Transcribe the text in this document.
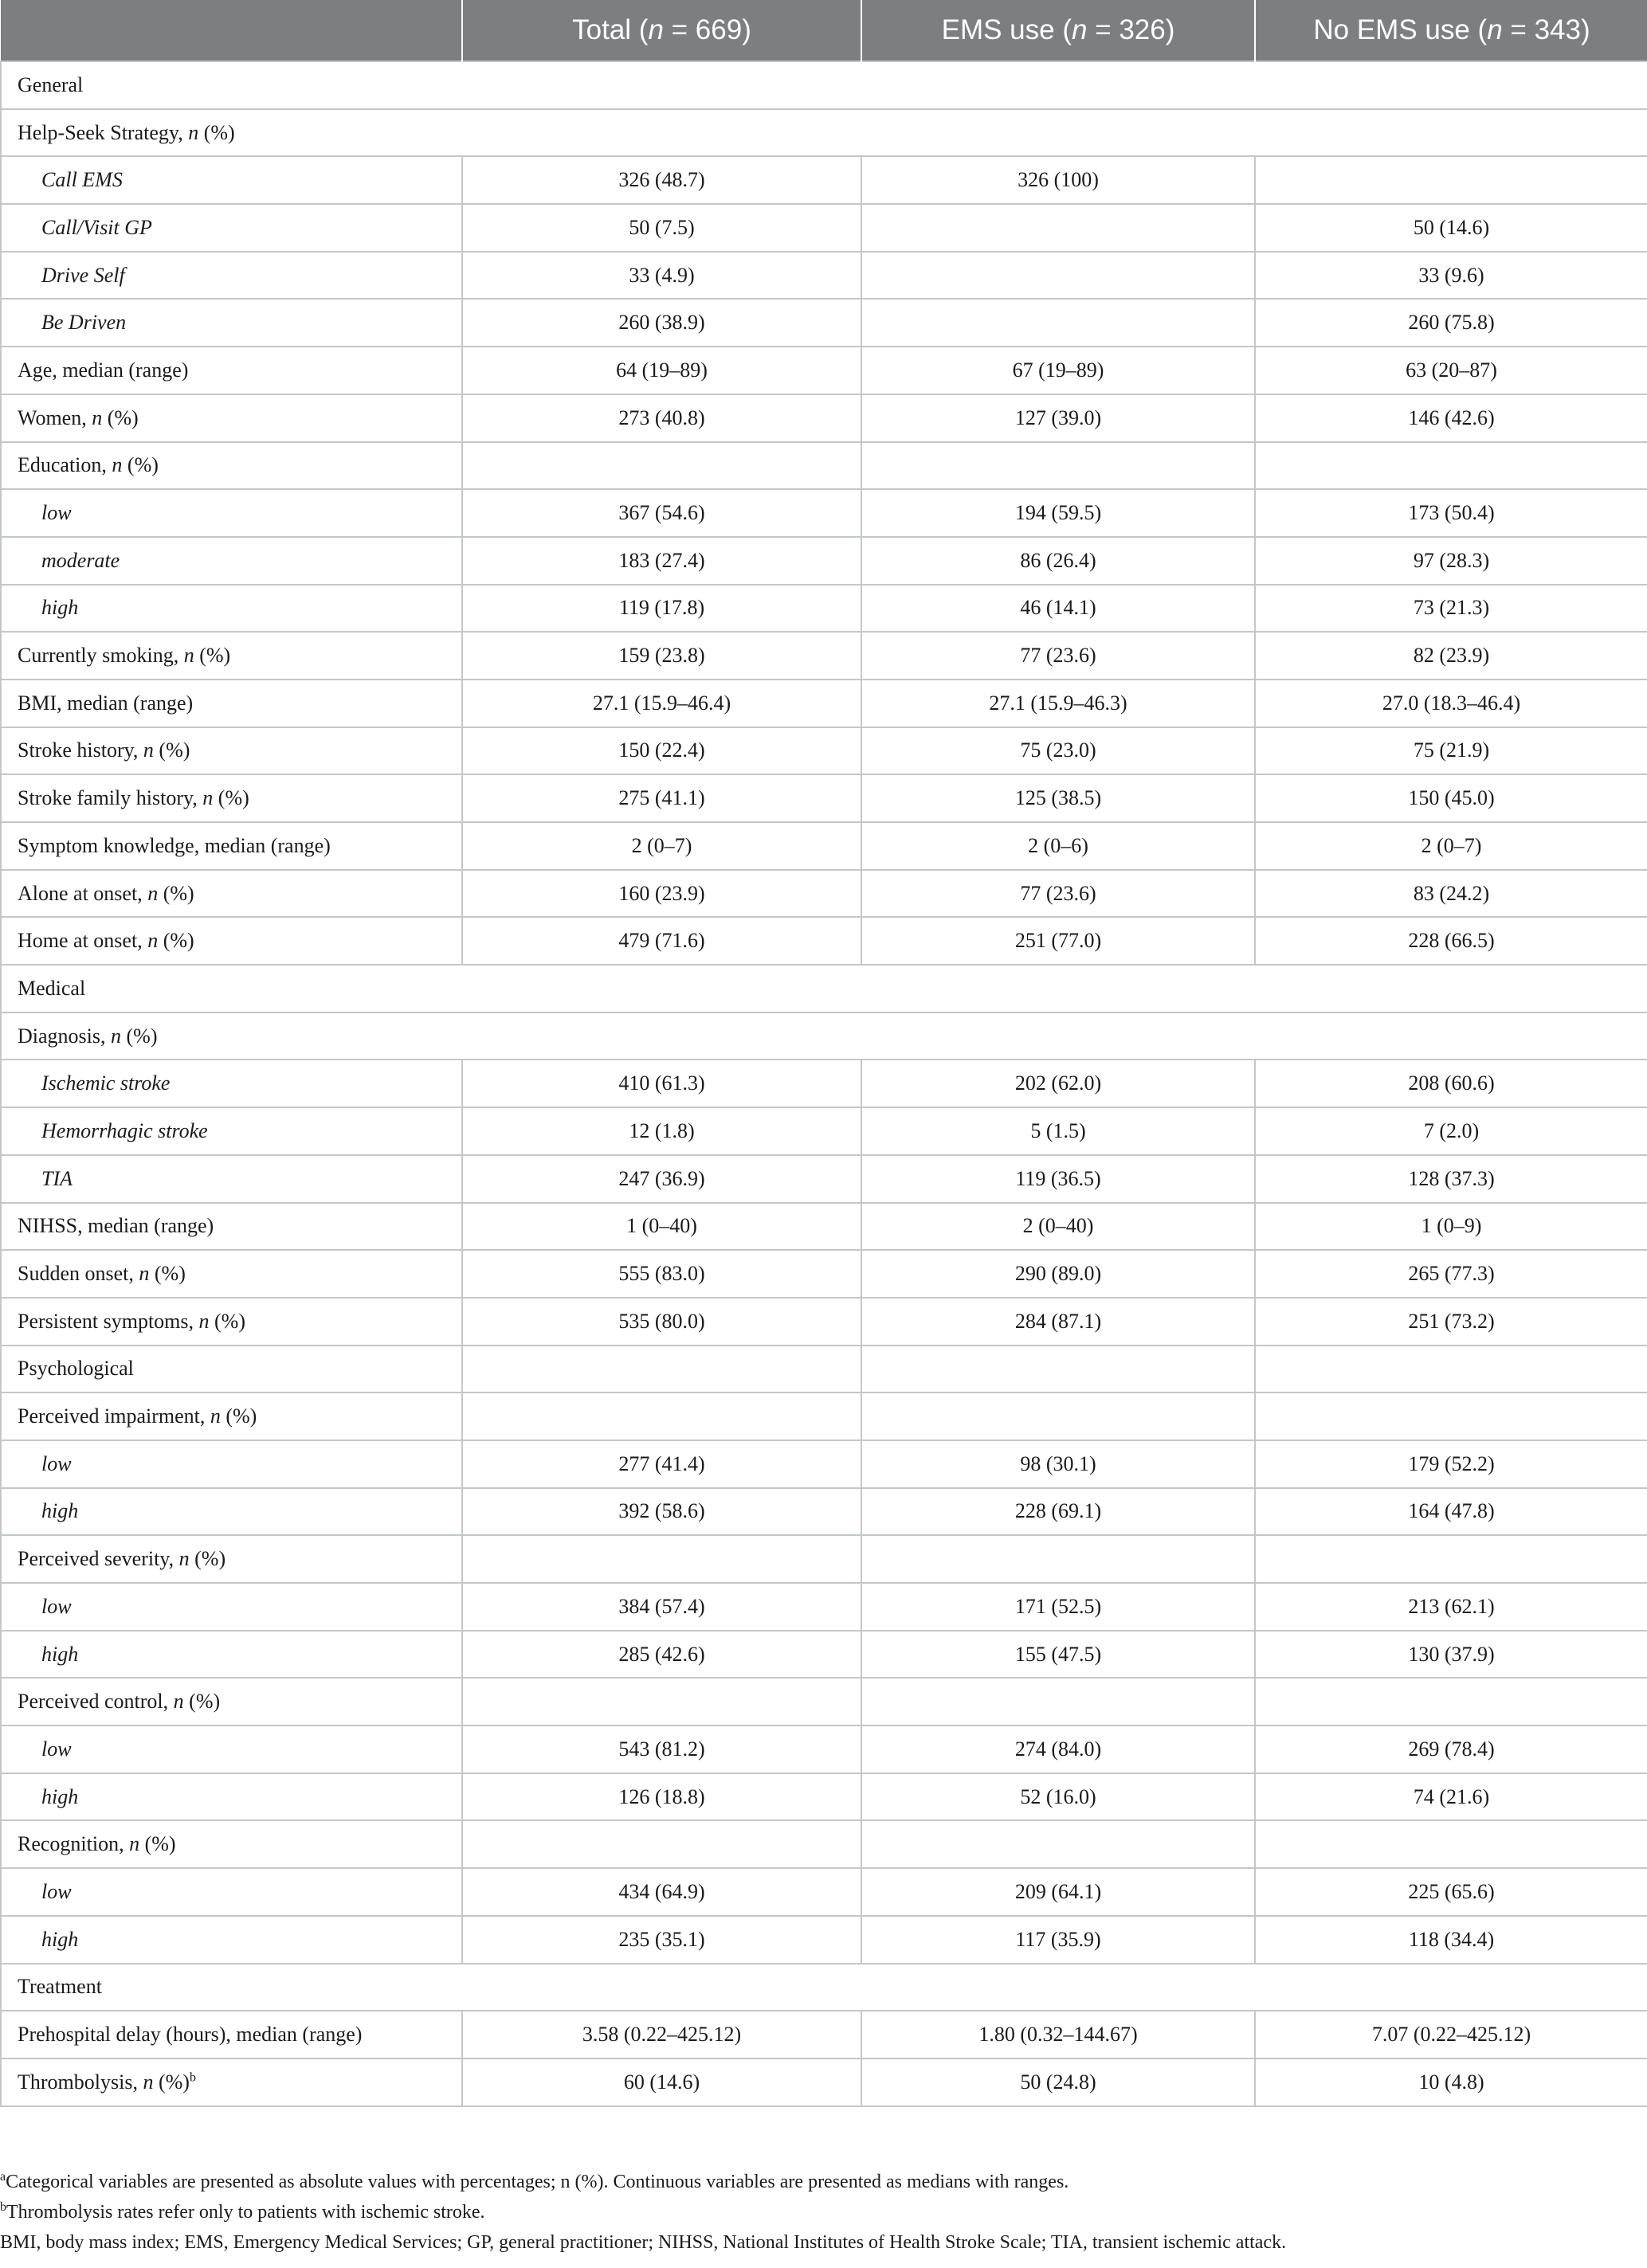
	Total (n = 669)	EMS use (n = 326)	No EMS use (n = 343)
General			
Help-Seek Strategy, n (%)			
Call EMS	326 (48.7)	326 (100)	
Call/Visit GP	50 (7.5)		50 (14.6)
Drive Self	33 (4.9)		33 (9.6)
Be Driven	260 (38.9)		260 (75.8)
Age, median (range)	64 (19–89)	67 (19–89)	63 (20–87)
Women, n (%)	273 (40.8)	127 (39.0)	146 (42.6)
Education, n (%)			
low	367 (54.6)	194 (59.5)	173 (50.4)
moderate	183 (27.4)	86 (26.4)	97 (28.3)
high	119 (17.8)	46 (14.1)	73 (21.3)
Currently smoking, n (%)	159 (23.8)	77 (23.6)	82 (23.9)
BMI, median (range)	27.1 (15.9–46.4)	27.1 (15.9–46.3)	27.0 (18.3–46.4)
Stroke history, n (%)	150 (22.4)	75 (23.0)	75 (21.9)
Stroke family history, n (%)	275 (41.1)	125 (38.5)	150 (45.0)
Symptom knowledge, median (range)	2 (0–7)	2 (0–6)	2 (0–7)
Alone at onset, n (%)	160 (23.9)	77 (23.6)	83 (24.2)
Home at onset, n (%)	479 (71.6)	251 (77.0)	228 (66.5)
Medical			
Diagnosis, n (%)			
Ischemic stroke	410 (61.3)	202 (62.0)	208 (60.6)
Hemorrhagic stroke	12 (1.8)	5 (1.5)	7 (2.0)
TIA	247 (36.9)	119 (36.5)	128 (37.3)
NIHSS, median (range)	1 (0–40)	2 (0–40)	1 (0–9)
Sudden onset, n (%)	555 (83.0)	290 (89.0)	265 (77.3)
Persistent symptoms, n (%)	535 (80.0)	284 (87.1)	251 (73.2)
Psychological			
Perceived impairment, n (%)			
low	277 (41.4)	98 (30.1)	179 (52.2)
high	392 (58.6)	228 (69.1)	164 (47.8)
Perceived severity, n (%)			
low	384 (57.4)	171 (52.5)	213 (62.1)
high	285 (42.6)	155 (47.5)	130 (37.9)
Perceived control, n (%)			
low	543 (81.2)	274 (84.0)	269 (78.4)
high	126 (18.8)	52 (16.0)	74 (21.6)
Recognition, n (%)			
low	434 (64.9)	209 (64.1)	225 (65.6)
high	235 (35.1)	117 (35.9)	118 (34.4)
Treatment			
Prehospital delay (hours), median (range)	3.58 (0.22–425.12)	1.80 (0.32–144.67)	7.07 (0.22–425.12)
Thrombolysis, n (%)$^b$	60 (14.6)	50 (24.8)	10 (4.8)

$^a$Categorical variables are presented as absolute values with percentages; n (%). Continuous variables are presented as medians with ranges.

$^b$Thrombolysis rates refer only to patients with ischemic stroke.

BMI, body mass index; EMS, Emergency Medical Services; GP, general practitioner; NIHSS, National Institutes of Health Stroke Scale; TIA, transient ischemic attack.
